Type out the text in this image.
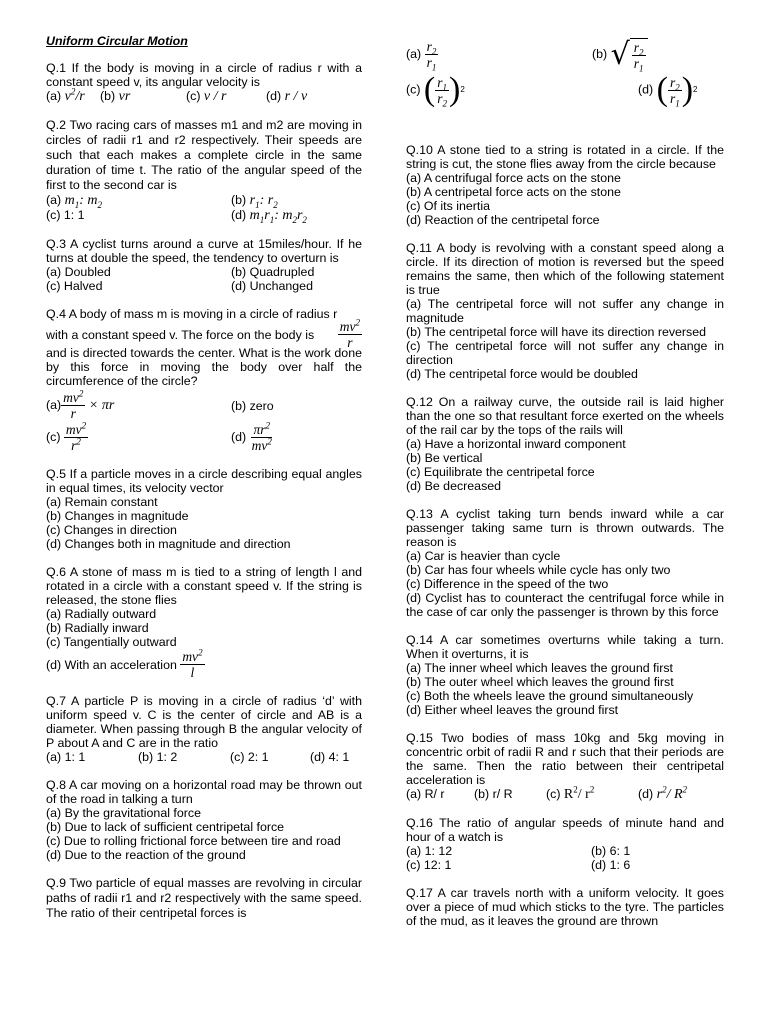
Uniform Circular Motion
Q.1 If the body is moving in a circle of radius r with a constant speed v, its angular velocity is
(a) $v^2/r$	(b) vr	(c) v / r	(d) r / v
Q.2 Two racing cars of masses m1 and m2 are moving in circles of radii r1 and r2 respectively. Their speeds are such that each makes a complete circle in the same duration of time t. The ratio of the angular speed of the first to the second car is
(a) $m_1$: $m_2$	(b) $r_1$: $r_2$
(c) 1: 1	(d) $m_1r_1$: $m_2r_2$
Q.3 A cyclist turns around a curve at 15miles/hour. If he turns at double the speed, the tendency to overturn is
(a) Doubled	(b) Quadrupled
(c) Halved	(d) Unchanged
Q.4 A body of mass m is moving in a circle of radius r
with a constant speed v. The force on the body is	$\frac{mv^2}{r}$
and is directed towards the center. What is the work done by this force in moving the body over half the circumference of the circle?
$(a) \frac{mv^2}{r} \times \pi r$	(b) zero
$(c) \frac{mv^2}{r^2}$	$(d) \frac{\pi r^2}{mv^2}$
Q.5 If a particle moves in a circle describing equal angles in equal times, its velocity vector
(a) Remain constant
(b) Changes in magnitude
(c) Changes in direction
(d) Changes both in magnitude and direction
Q.6 A stone of mass m is tied to a string of length l and rotated in a circle with a constant speed v. If the string is released, the stone flies
(a) Radially outward
(b) Radially inward
(c) Tangentially outward
(d) With an acceleration
$\frac{mv^2}{l}$
Q.7 A particle P is moving in a circle of radius ‘d’ with uniform speed v. C is the center of circle and AB is a diameter. When passing through B the angular velocity of P about A and C are in the ratio
(a) 1: 1	(b) 1: 2	(c) 2: 1	(d) 4: 1
Q.8 A car moving on a horizontal road may be thrown out of the road in talking a turn
(a) By the gravitational force
(b) Due to lack of sufficient centripetal force
(c) Due to rolling frictional force between tire and road
(d) Due to the reaction of the ground
Q.9 Two particle of equal masses are revolving in circular paths of radii r1 and r2 respectively with the same speed. The ratio of their centripetal forces is
$(a) \frac{r_2}{r_1}$	(b) √ $\frac{r_2}{r_1}$
(c) ( $\frac{r_1}{r_2}$ ) 2	(d) ( $\frac{r_2}{r_1}$ ) 2
Q.10 A stone tied to a string is rotated in a circle. If the string is cut, the stone flies away from the circle because
(a) A centrifugal force acts on the stone
(b) A centripetal force acts on the stone
(c) Of its inertia
(d) Reaction of the centripetal force
Q.11 A body is revolving with a constant speed along a circle. If its direction of motion is reversed but the speed remains the same, then which of the following statement is true
(a) The centripetal force will not suffer any change in magnitude
(b) The centripetal force will have its direction reversed
(c) The centripetal force will not suffer any change in direction
(d) The centripetal force would be doubled
Q.12 On a railway curve, the outside rail is laid higher than the one so that resultant force exerted on the wheels of the rail car by the tops of the rails will
(a) Have a horizontal inward component
(b) Be vertical
(c) Equilibrate the centripetal force
(d) Be decreased
Q.13 A cyclist taking turn bends inward while a car passenger taking same turn is thrown outwards. The reason is
(a) Car is heavier than cycle
(b) Car has four wheels while cycle has only two
(c) Difference in the speed of the two
(d) Cyclist has to counteract the centrifugal force while in the case of car only the passenger is thrown by this force
Q.14 A car sometimes overturns while taking a turn. When it overturns, it is
(a) The inner wheel which leaves the ground first
(b) The outer wheel which leaves the ground first
(c) Both the wheels leave the ground simultaneously
(d) Either wheel leaves the ground first
Q.15 Two bodies of mass 10kg and 5kg moving in concentric orbit of radii R and r such that their periods are the same. Then the ratio between their centripetal acceleration is
(a) R/ r	(b) r/ R	(c) $R^2/$ $r^2$	(d) $r^2/$ $R^2$
Q.16 The ratio of angular speeds of minute hand and hour of a watch is
(a) 1: 12	(b) 6: 1
(c) 12: 1	(d) 1: 6
Q.17 A car travels north with a uniform velocity. It goes over a piece of mud which sticks to the tyre. The particles of the mud, as it leaves the ground are thrown
